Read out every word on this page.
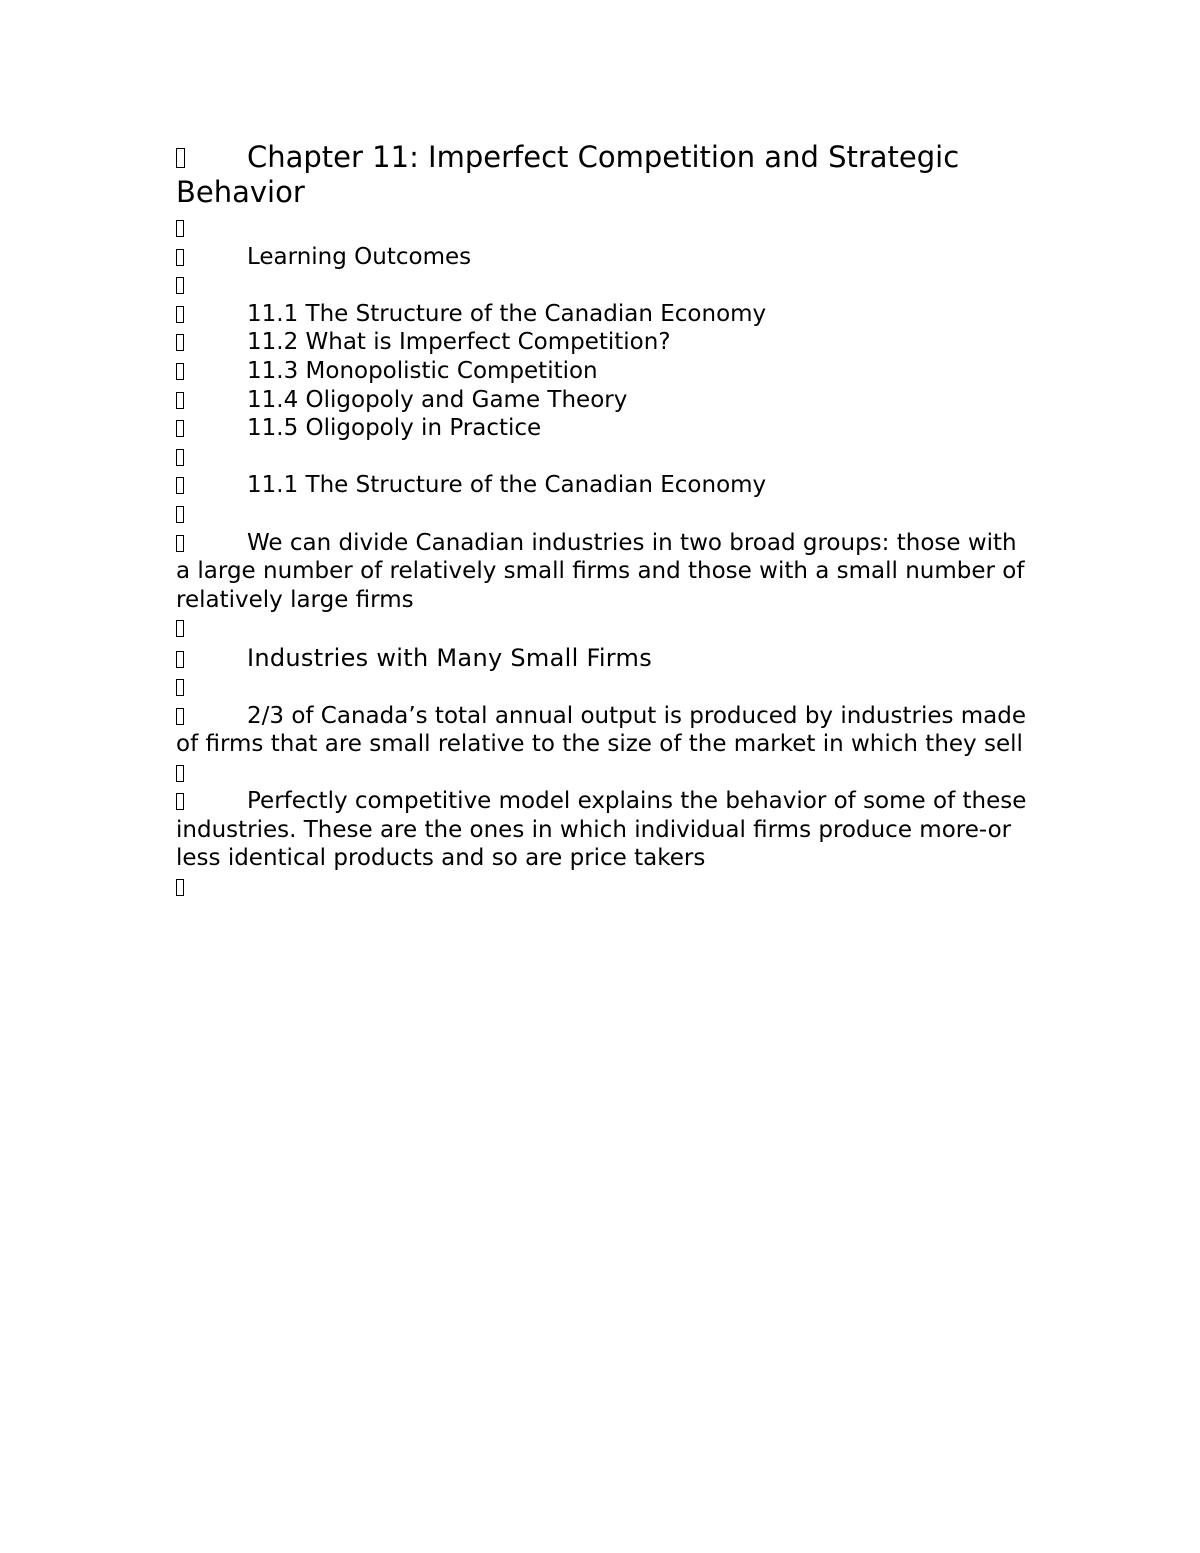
Chapter 11: Imperfect Competition and Strategic Behavior

Learning Outcomes

11.1 The Structure of the Canadian Economy

11.2 What is Imperfect Competition?

11.3 Monopolistic Competition

11.4 Oligopoly and Game Theory

11.5 Oligopoly in Practice

11.1 The Structure of the Canadian Economy

We can divide Canadian industries in two broad groups: those with a large number of relatively small firms and those with a small number of relatively large firms

Industries with Many Small Firms

2/3 of Canada’s total annual output is produced by industries made of firms that are small relative to the size of the market in which they sell

Perfectly competitive model explains the behavior of some of these industries. These are the ones in which individual firms produce more-or less identical products and so are price takers
